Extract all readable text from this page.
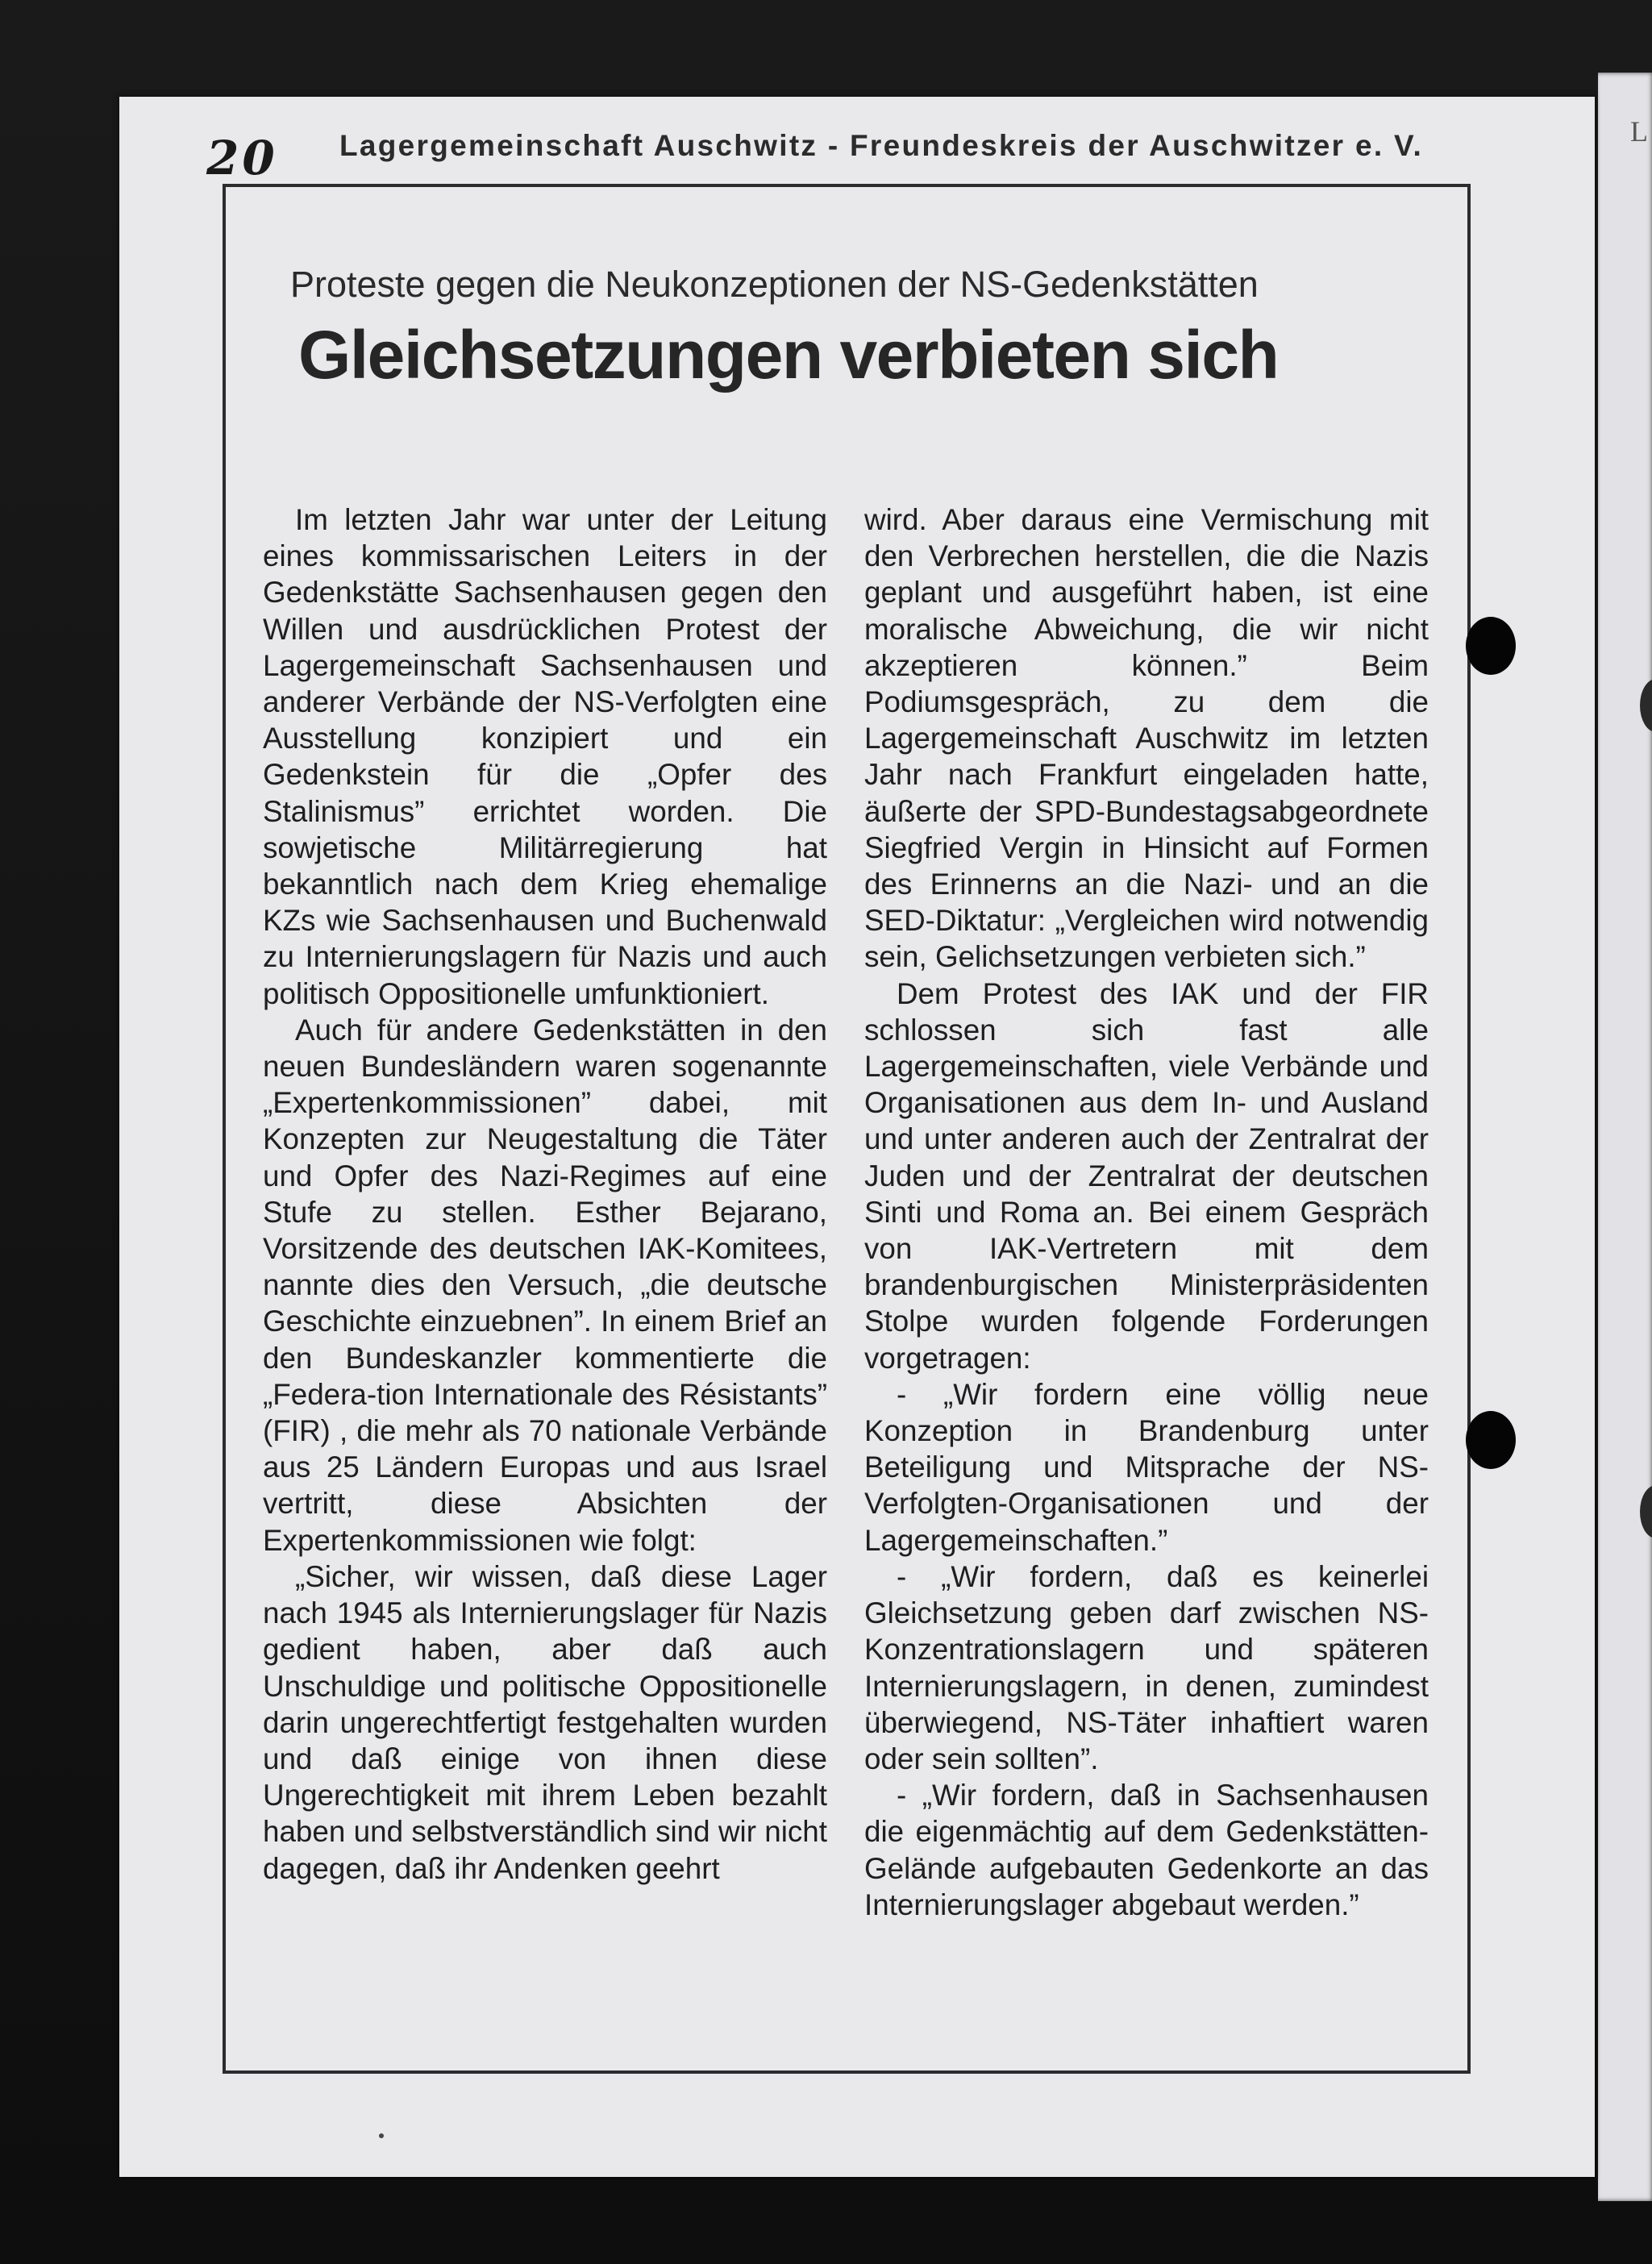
L
20 Lagergemeinschaft Auschwitz - Freundeskreis der Auschwitzer e. V.
Proteste gegen die Neukonzeptionen der NS-Gedenkstätten
Gleichsetzungen verbieten sich

Im letzten Jahr war unter der Leitung eines kommissarischen Leiters in der Gedenkstätte Sachsenhausen gegen den Willen und ausdrücklichen Protest der Lagergemeinschaft Sachsenhausen und anderer Verbände der NS-Verfolgten eine Ausstellung konzipiert und ein Gedenkstein für die „Opfer des Stalinismus” errichtet worden. Die sowjetische Militärregierung hat bekanntlich nach dem Krieg ehemalige KZs wie Sachsenhausen und Buchenwald zu Internierungslagern für Nazis und auch politisch Oppositionelle umfunktioniert.

Auch für andere Gedenkstätten in den neuen Bundesländern waren sogenannte „Expertenkommissionen” dabei, mit Konzepten zur Neugestaltung die Täter und Opfer des Nazi-Regimes auf eine Stufe zu stellen. Esther Bejarano, Vorsitzende des deutschen IAK-Komitees, nannte dies den Versuch, „die deutsche Geschichte einzuebnen”. In einem Brief an den Bundeskanzler kommentierte die „Federa-tion Internationale des Résistants” (FIR) , die mehr als 70 nationale Verbände aus 25 Ländern Europas und aus Israel vertritt, diese Absichten der Expertenkommissionen wie folgt:

„Sicher, wir wissen, daß diese Lager nach 1945 als Internierungslager für Nazis gedient haben, aber daß auch Unschuldige und politische Oppositionelle darin ungerechtfertigt festgehalten wurden und daß einige von ihnen diese Ungerechtigkeit mit ihrem Leben bezahlt haben und selbstverständlich sind wir nicht dagegen, daß ihr Andenken geehrt

wird. Aber daraus eine Vermischung mit den Verbrechen herstellen, die die Nazis geplant und ausgeführt haben, ist eine moralische Abweichung, die wir nicht akzeptieren können.” Beim Podiumsgespräch, zu dem die Lagergemeinschaft Auschwitz im letzten Jahr nach Frankfurt eingeladen hatte, äußerte der SPD-Bundestagsabgeordnete Siegfried Vergin in Hinsicht auf Formen des Erinnerns an die Nazi- und an die SED-Diktatur: „Vergleichen wird notwendig sein, Gelichsetzungen verbieten sich.”

Dem Protest des IAK und der FIR schlossen sich fast alle Lagergemeinschaften, viele Verbände und Organisationen aus dem In- und Ausland und unter anderen auch der Zentralrat der Juden und der Zentralrat der deutschen Sinti und Roma an. Bei einem Gespräch von IAK-Vertretern mit dem brandenburgischen Ministerpräsidenten Stolpe wurden folgende Forderungen vorgetragen:

- „Wir fordern eine völlig neue Konzeption in Brandenburg unter Beteiligung und Mitsprache der NS-Verfolgten-Organisationen und der Lagergemeinschaften.”

- „Wir fordern, daß es keinerlei Gleichsetzung geben darf zwischen NS-Konzentrationslagern und späteren Internierungslagern, in denen, zumindest überwiegend, NS-Täter inhaftiert waren oder sein sollten”.

- „Wir fordern, daß in Sachsenhausen die eigenmächtig auf dem Gedenkstätten-Gelände aufgebauten Gedenkorte an das Internierungslager abgebaut werden.”
